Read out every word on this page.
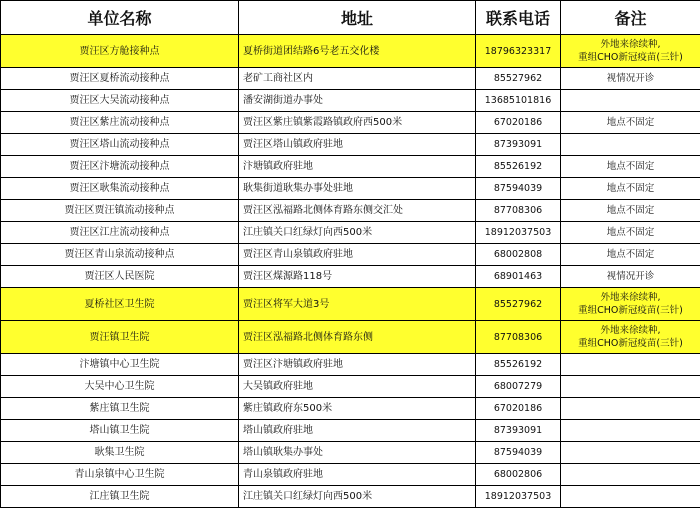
单位名称	地址	联系电话	备注
贾汪区方舱接种点	夏桥街道团结路6号老五交化楼	18796323317	外地来徐续种,
重组CHO新冠疫苗(三针)

贾汪区夏桥流动接种点	老矿工商社区内	85527962	视情况开诊

贾汪区大吴流动接种点	潘安湖街道办事处	13685101816	
贾汪区紫庄流动接种点	贾汪区紫庄镇紫霞路镇政府西500米	67020186	地点不固定

贾汪区塔山流动接种点	贾汪区塔山镇政府驻地	87393091	
贾汪区汴塘流动接种点	汴塘镇政府驻地	85526192	地点不固定

贾汪区耿集流动接种点	耿集街道耿集办事处驻地	87594039	地点不固定

贾汪区贾汪镇流动接种点	贾汪区泓福路北侧体育路东侧交汇处	87708306	地点不固定

贾汪区江庄流动接种点	江庄镇关口红绿灯向西500米	18912037503	地点不固定

贾汪区青山泉流动接种点	贾汪区青山泉镇政府驻地	68002808	地点不固定

贾汪区人民医院	贾汪区煤源路118号	68901463	视情况开诊

夏桥社区卫生院	贾汪区将军大道3号	85527962	外地来徐续种,
重组CHO新冠疫苗(三针)

贾汪镇卫生院	贾汪区泓福路北侧体育路东侧	87708306	外地来徐续种,
重组CHO新冠疫苗(三针)

汴塘镇中心卫生院	贾汪区汴塘镇政府驻地	85526192	
大吴中心卫生院	大吴镇政府驻地	68007279	
紫庄镇卫生院	紫庄镇政府东500米	67020186	
塔山镇卫生院	塔山镇政府驻地	87393091	
耿集卫生院	塔山镇耿集办事处	87594039	
青山泉镇中心卫生院	青山泉镇政府驻地	68002806	
江庄镇卫生院	江庄镇关口红绿灯向西500米	18912037503	
